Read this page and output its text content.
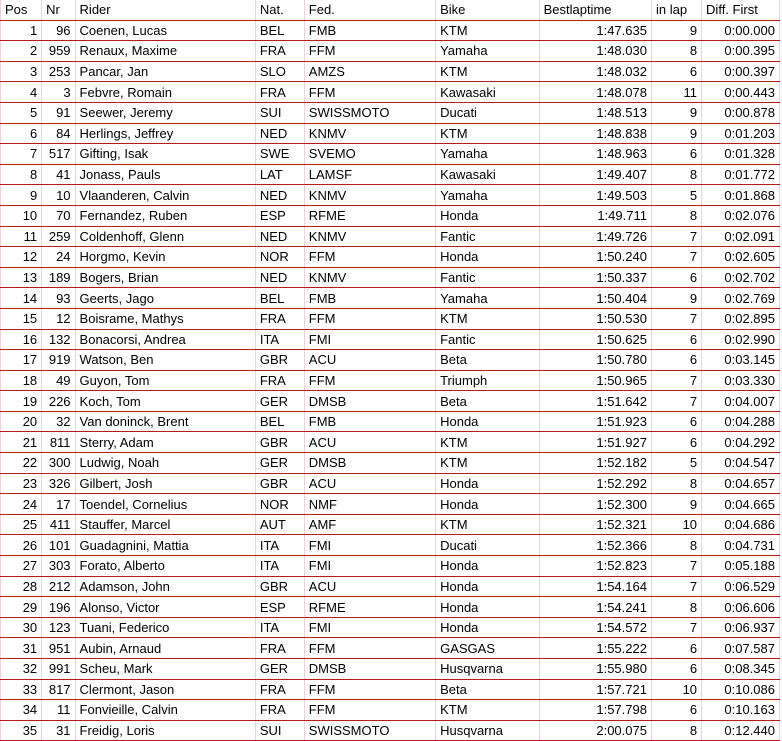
Pos	Nr	Rider	Nat.	Fed.	Bike	Bestlaptime	in lap	Diff. First
1	96	Coenen, Lucas	BEL	FMB	KTM	1:47.635	9	0:00.000
2	959	Renaux, Maxime	FRA	FFM	Yamaha	1:48.030	8	0:00.395
3	253	Pancar, Jan	SLO	AMZS	KTM	1:48.032	6	0:00.397
4	3	Febvre, Romain	FRA	FFM	Kawasaki	1:48.078	11	0:00.443
5	91	Seewer, Jeremy	SUI	SWISSMOTO	Ducati	1:48.513	9	0:00.878
6	84	Herlings, Jeffrey	NED	KNMV	KTM	1:48.838	9	0:01.203
7	517	Gifting, Isak	SWE	SVEMO	Yamaha	1:48.963	6	0:01.328
8	41	Jonass, Pauls	LAT	LAMSF	Kawasaki	1:49.407	8	0:01.772
9	10	Vlaanderen, Calvin	NED	KNMV	Yamaha	1:49.503	5	0:01.868
10	70	Fernandez, Ruben	ESP	RFME	Honda	1:49.711	8	0:02.076
11	259	Coldenhoff, Glenn	NED	KNMV	Fantic	1:49.726	7	0:02.091
12	24	Horgmo, Kevin	NOR	FFM	Honda	1:50.240	7	0:02.605
13	189	Bogers, Brian	NED	KNMV	Fantic	1:50.337	6	0:02.702
14	93	Geerts, Jago	BEL	FMB	Yamaha	1:50.404	9	0:02.769
15	12	Boisrame, Mathys	FRA	FFM	KTM	1:50.530	7	0:02.895
16	132	Bonacorsi, Andrea	ITA	FMI	Fantic	1:50.625	6	0:02.990
17	919	Watson, Ben	GBR	ACU	Beta	1:50.780	6	0:03.145
18	49	Guyon, Tom	FRA	FFM	Triumph	1:50.965	7	0:03.330
19	226	Koch, Tom	GER	DMSB	Beta	1:51.642	7	0:04.007
20	32	Van doninck, Brent	BEL	FMB	Honda	1:51.923	6	0:04.288
21	811	Sterry, Adam	GBR	ACU	KTM	1:51.927	6	0:04.292
22	300	Ludwig, Noah	GER	DMSB	KTM	1:52.182	5	0:04.547
23	326	Gilbert, Josh	GBR	ACU	Honda	1:52.292	8	0:04.657
24	17	Toendel, Cornelius	NOR	NMF	Honda	1:52.300	9	0:04.665
25	411	Stauffer, Marcel	AUT	AMF	KTM	1:52.321	10	0:04.686
26	101	Guadagnini, Mattia	ITA	FMI	Ducati	1:52.366	8	0:04.731
27	303	Forato, Alberto	ITA	FMI	Honda	1:52.823	7	0:05.188
28	212	Adamson, John	GBR	ACU	Honda	1:54.164	7	0:06.529
29	196	Alonso, Victor	ESP	RFME	Honda	1:54.241	8	0:06.606
30	123	Tuani, Federico	ITA	FMI	Honda	1:54.572	7	0:06.937
31	951	Aubin, Arnaud	FRA	FFM	GASGAS	1:55.222	6	0:07.587
32	991	Scheu, Mark	GER	DMSB	Husqvarna	1:55.980	6	0:08.345
33	817	Clermont, Jason	FRA	FFM	Beta	1:57.721	10	0:10.086
34	11	Fonvieille, Calvin	FRA	FFM	KTM	1:57.798	6	0:10.163
35	31	Freidig, Loris	SUI	SWISSMOTO	Husqvarna	2:00.075	8	0:12.440
